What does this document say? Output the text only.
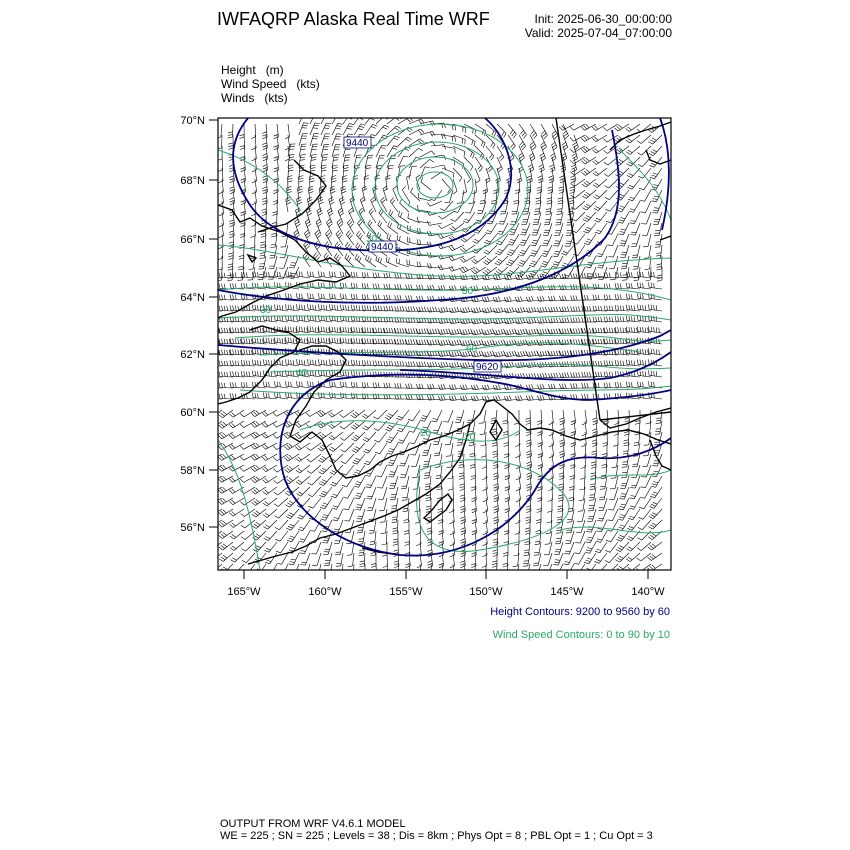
IWFAQRP Alaska Real Time WRF	Init: 2025-06-30_00:00:00
Valid: 2025-07-04_07:00:00
Height   (m)
Wind Speed   (kts)
Winds   (kts)
9440
9440
9620
30
30
60
40
30
20	20
70°N
68°N
66°N
64°N
62°N
60°N
58°N
56°N
165°W	160°W	155°W	150°W	145°W	140°W
Height Contours: 9200 to 9560 by 60
Wind Speed Contours: 0 to 90 by 10
OUTPUT FROM WRF V4.6.1 MODEL
WE = 225 ; SN = 225 ; Levels = 38 ; Dis = 8km ; Phys Opt = 8 ; PBL Opt = 1 ; Cu Opt = 3
